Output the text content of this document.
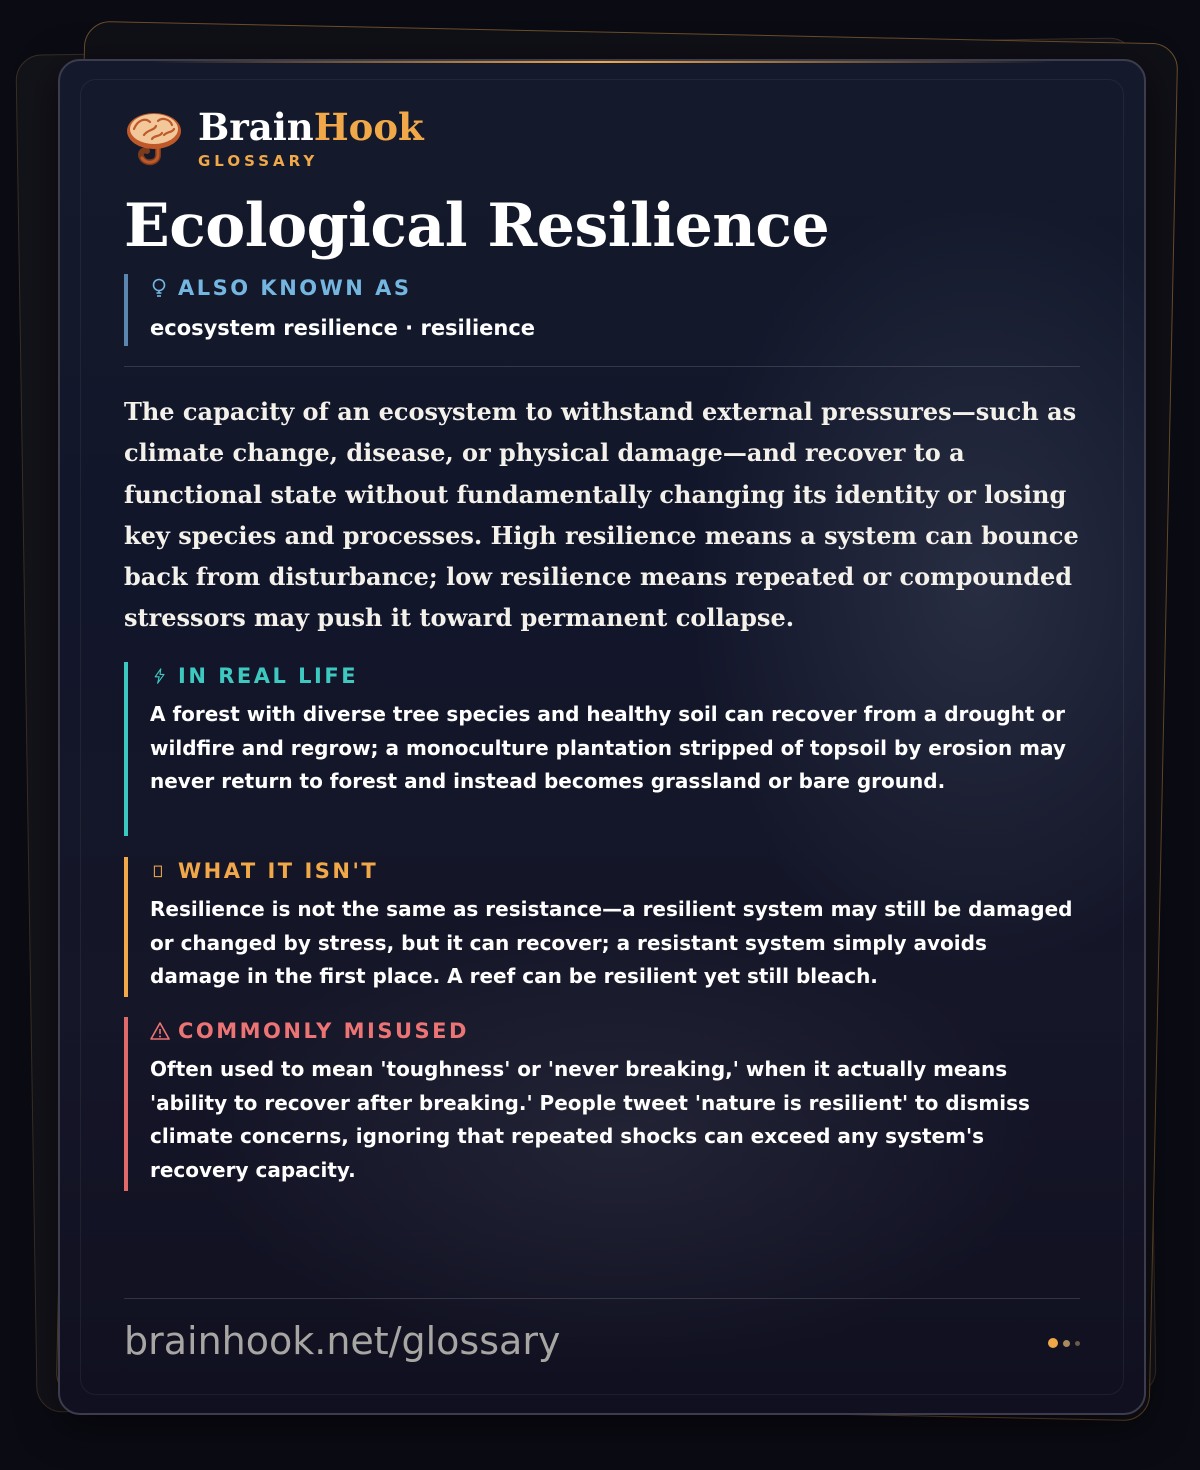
BrainHook
GLOSSARY
Ecological Resilience
ALSO KNOWN AS
ecosystem resilience · resilience

The capacity of an ecosystem to withstand external pressures—such as climate change, disease, or physical damage—and recover to a functional state without fundamentally changing its identity or losing key species and processes. High resilience means a system can bounce back from disturbance; low resilience means repeated or compounded stressors may push it toward permanent collapse.

IN REAL LIFE
A forest with diverse tree species and healthy soil can recover from a drought or wildfire and regrow; a monoculture plantation stripped of topsoil by erosion may never return to forest and instead becomes grassland or bare ground.
WHAT IT ISN'T
Resilience is not the same as resistance—a resilient system may still be damaged or changed by stress, but it can recover; a resistant system simply avoids damage in the first place. A reef can be resilient yet still bleach.
COMMONLY MISUSED
Often used to mean 'toughness' or 'never breaking,' when it actually means 'ability to recover after breaking.' People tweet 'nature is resilient' to dismiss climate concerns, ignoring that repeated shocks can exceed any system's recovery capacity.
brainhook.net/glossary
